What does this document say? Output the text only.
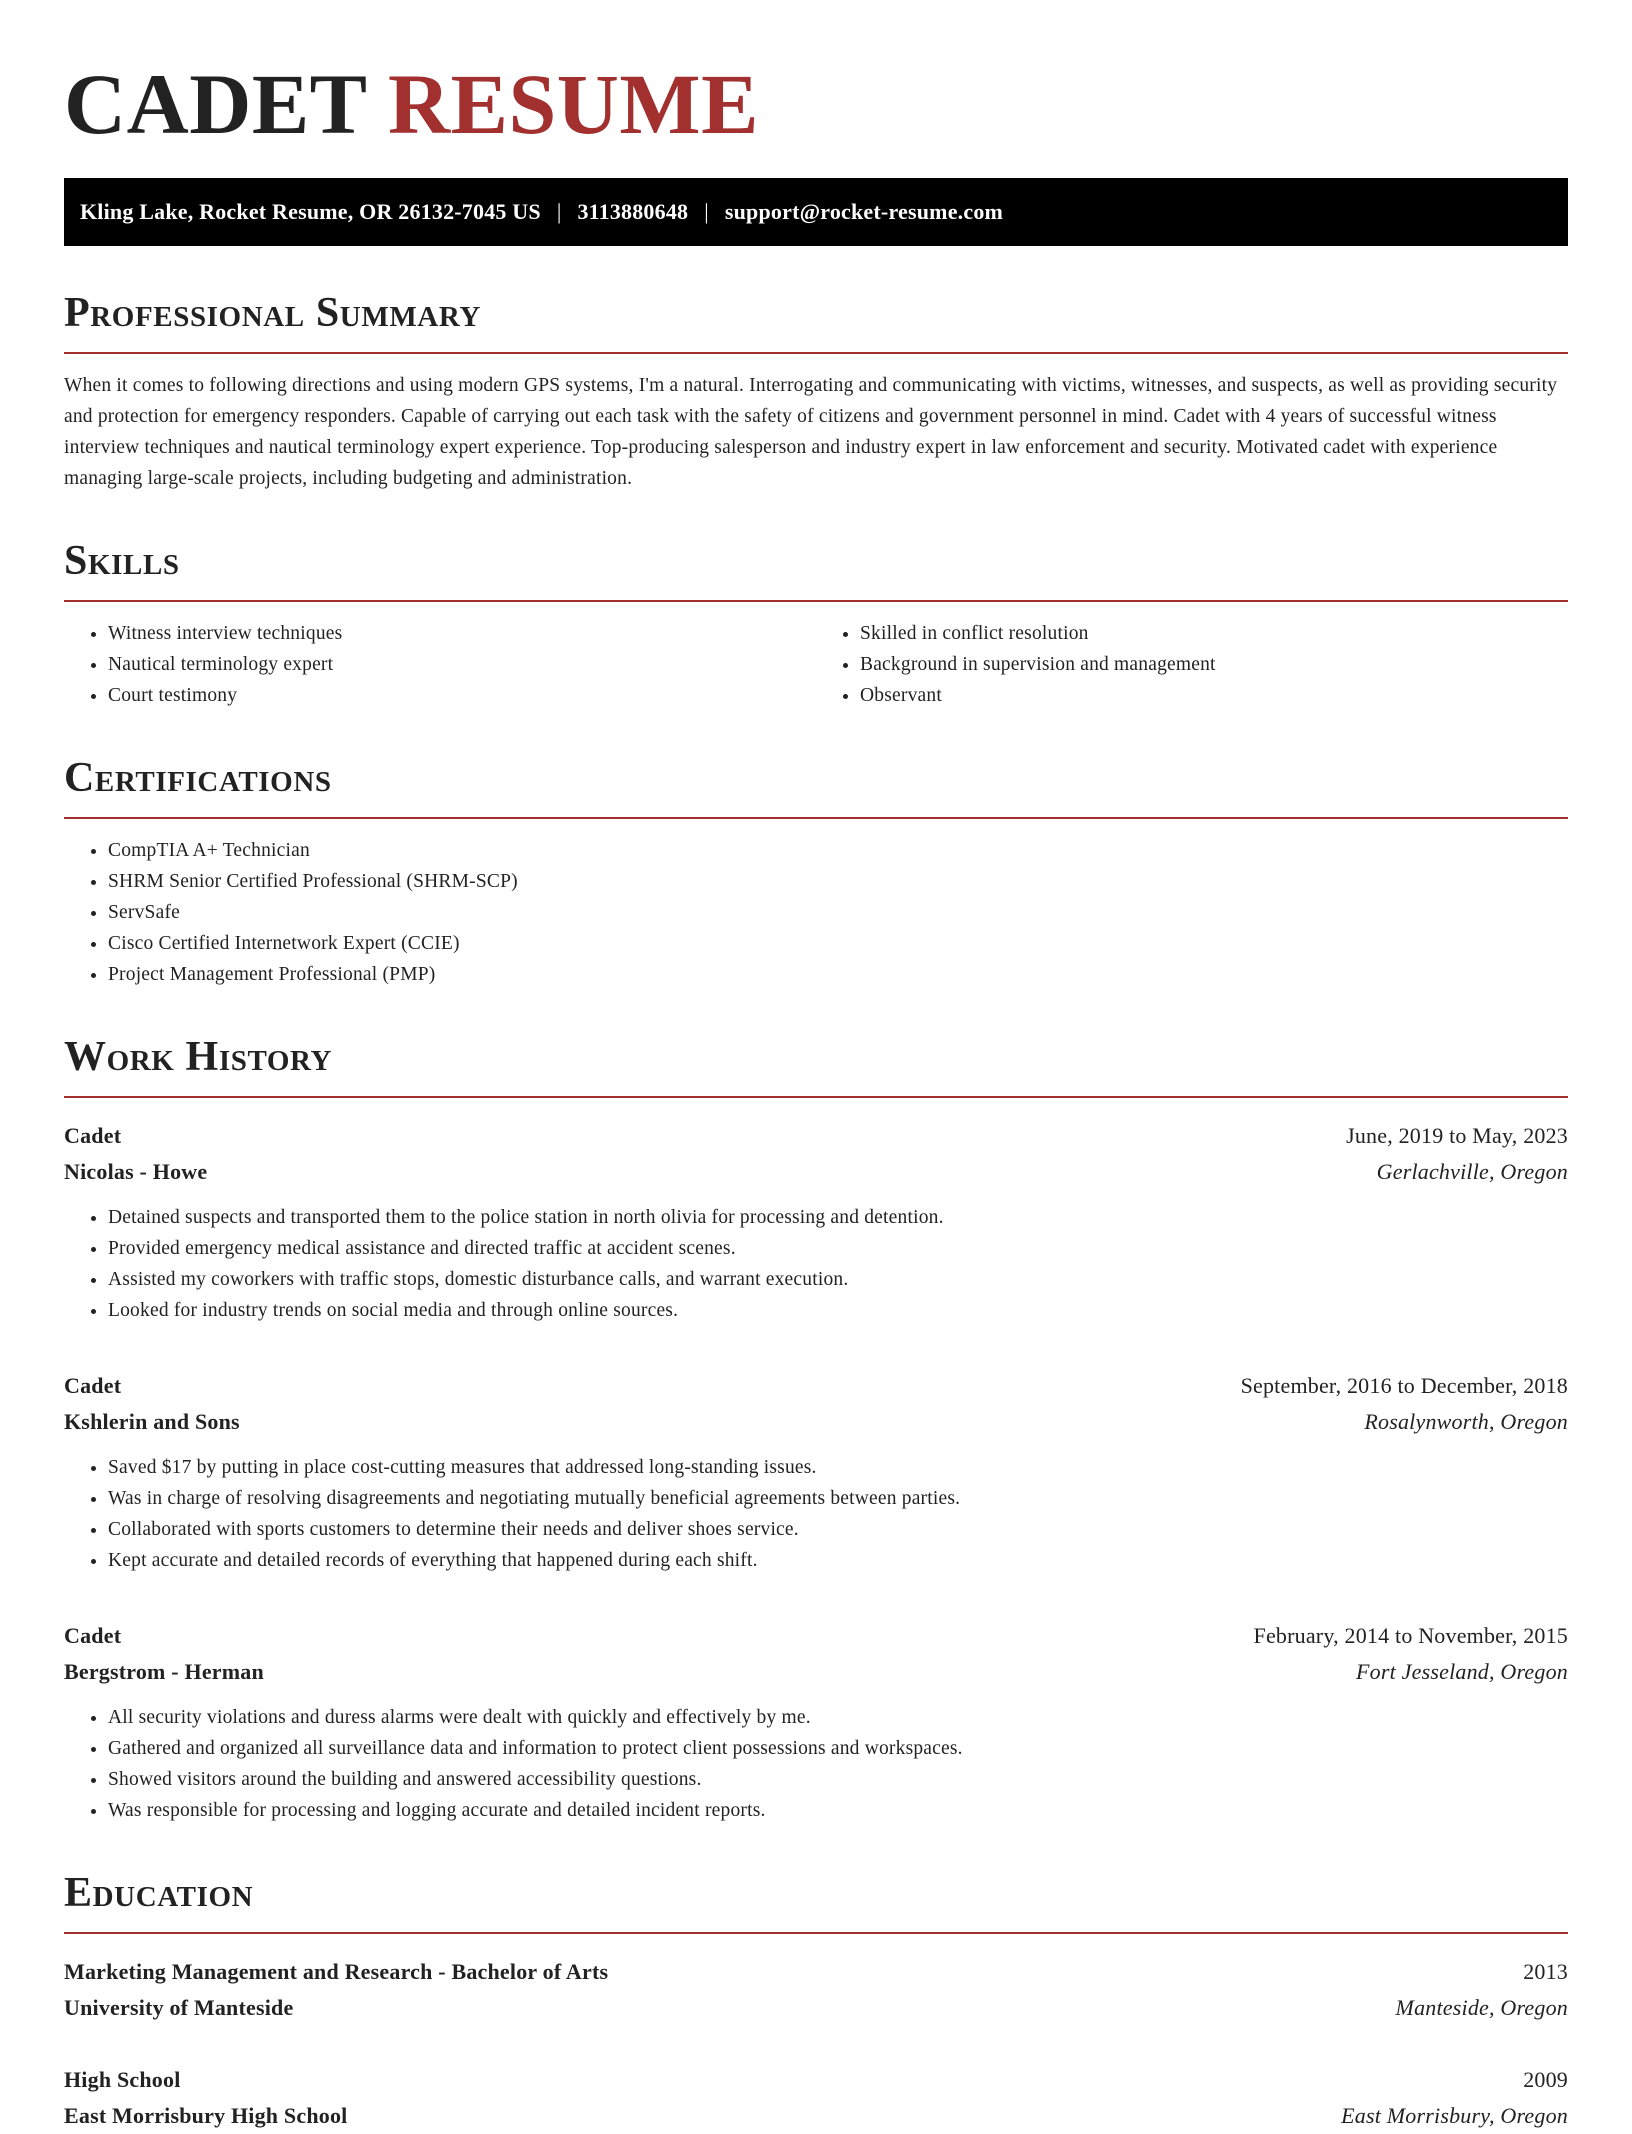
CADET RESUME
Kling Lake, Rocket Resume, OR 26132-7045 US | 3113880648 | support@rocket-resume.com
Professional Summary

When it comes to following directions and using modern GPS systems, I'm a natural. Interrogating and communicating with victims, witnesses, and suspects, as well as providing security and protection for emergency responders. Capable of carrying out each task with the safety of citizens and government personnel in mind. Cadet with 4 years of successful witness interview techniques and nautical terminology expert experience. Top-producing salesperson and industry expert in law enforcement and security. Motivated cadet with experience managing large-scale projects, including budgeting and administration.

Skills
• Witness interview techniques
• Nautical terminology expert
• Court testimony
• Skilled in conflict resolution
• Background in supervision and management
• Observant
Certifications
• CompTIA A+ Technician
• SHRM Senior Certified Professional (SHRM-SCP)
• ServSafe
• Cisco Certified Internetwork Expert (CCIE)
• Project Management Professional (PMP)
Work History
Cadet	June, 2019 to May, 2023
Nicolas - Howe	Gerlachville, Oregon
• Detained suspects and transported them to the police station in north olivia for processing and detention.
• Provided emergency medical assistance and directed traffic at accident scenes.
• Assisted my coworkers with traffic stops, domestic disturbance calls, and warrant execution.
• Looked for industry trends on social media and through online sources.
Cadet	September, 2016 to December, 2018
Kshlerin and Sons	Rosalynworth, Oregon
• Saved $17 by putting in place cost-cutting measures that addressed long-standing issues.
• Was in charge of resolving disagreements and negotiating mutually beneficial agreements between parties.
• Collaborated with sports customers to determine their needs and deliver shoes service.
• Kept accurate and detailed records of everything that happened during each shift.
Cadet	February, 2014 to November, 2015
Bergstrom - Herman	Fort Jesseland, Oregon
• All security violations and duress alarms were dealt with quickly and effectively by me.
• Gathered and organized all surveillance data and information to protect client possessions and workspaces.
• Showed visitors around the building and answered accessibility questions.
• Was responsible for processing and logging accurate and detailed incident reports.
Education
Marketing Management and Research - Bachelor of Arts	2013
University of Manteside	Manteside, Oregon
High School	2009
East Morrisbury High School	East Morrisbury, Oregon
